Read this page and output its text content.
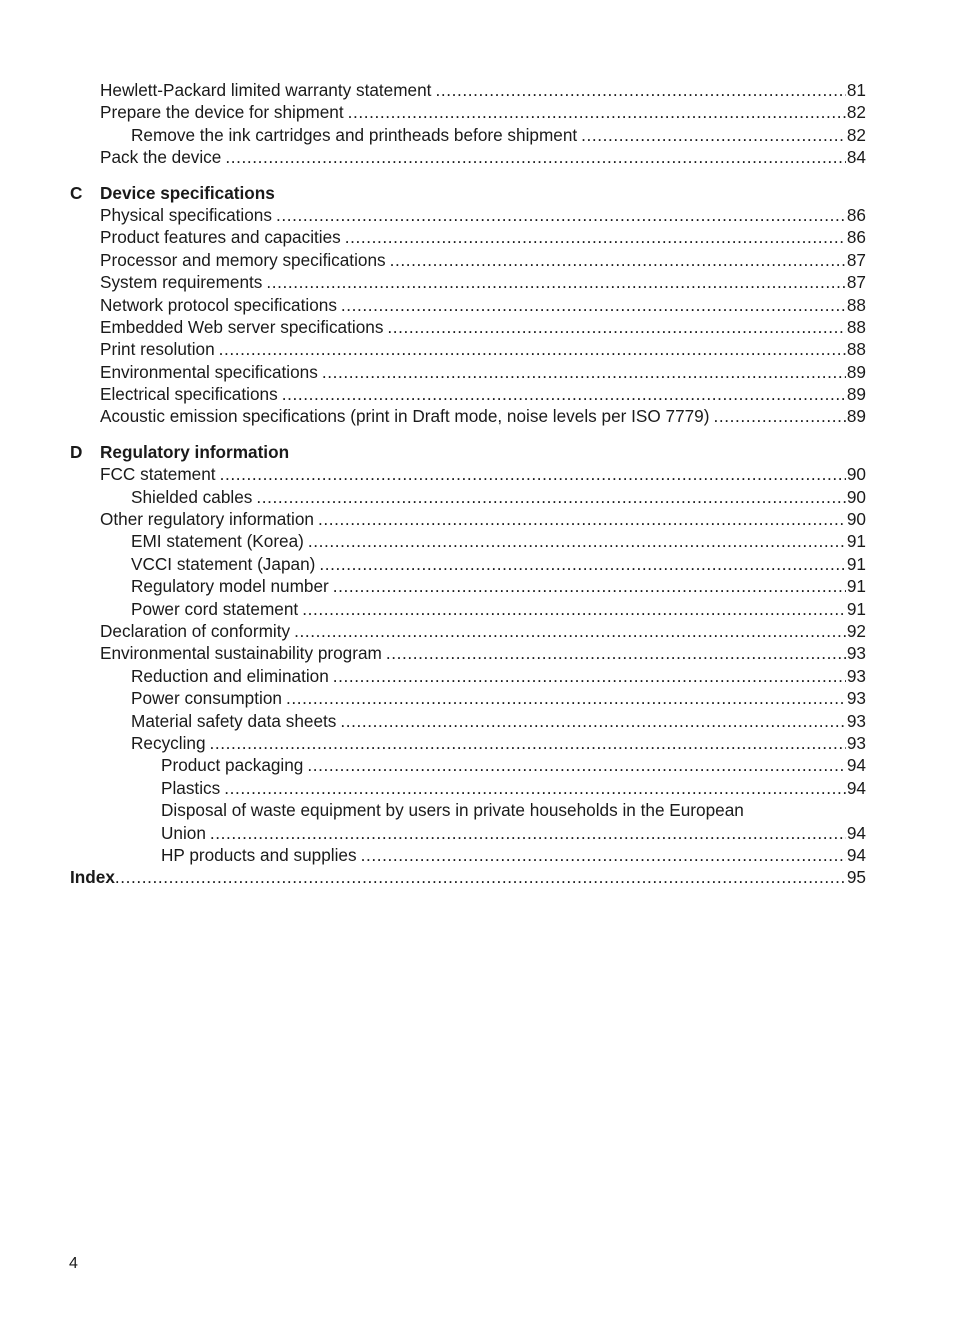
Hewlett-Packard limited warranty statement .....	81
Prepare the device for shipment .....	82
Remove the ink cartridges and printheads before shipment .....	82
Pack the device .....	84
C	Device specifications
Physical specifications .....	86
Product features and capacities .....	86
Processor and memory specifications .....	87
System requirements .....	87
Network protocol specifications .....	88
Embedded Web server specifications .....	88
Print resolution .....	88
Environmental specifications .....	89
Electrical specifications .....	89
Acoustic emission specifications (print in Draft mode, noise levels per ISO 7779) .....	89
D	Regulatory information
FCC statement .....	90
Shielded cables .....	90
Other regulatory information .....	90
EMI statement (Korea) .....	91
VCCI statement (Japan) .....	91
Regulatory model number .....	91
Power cord statement .....	91
Declaration of conformity .....	92
Environmental sustainability program .....	93
Reduction and elimination .....	93
Power consumption .....	93
Material safety data sheets .....	93
Recycling .....	93
Product packaging .....	94
Plastics .....	94
Disposal of waste equipment by users in private households in the European
Union .....	94
HP products and supplies .....	94
Index .....	95
4
